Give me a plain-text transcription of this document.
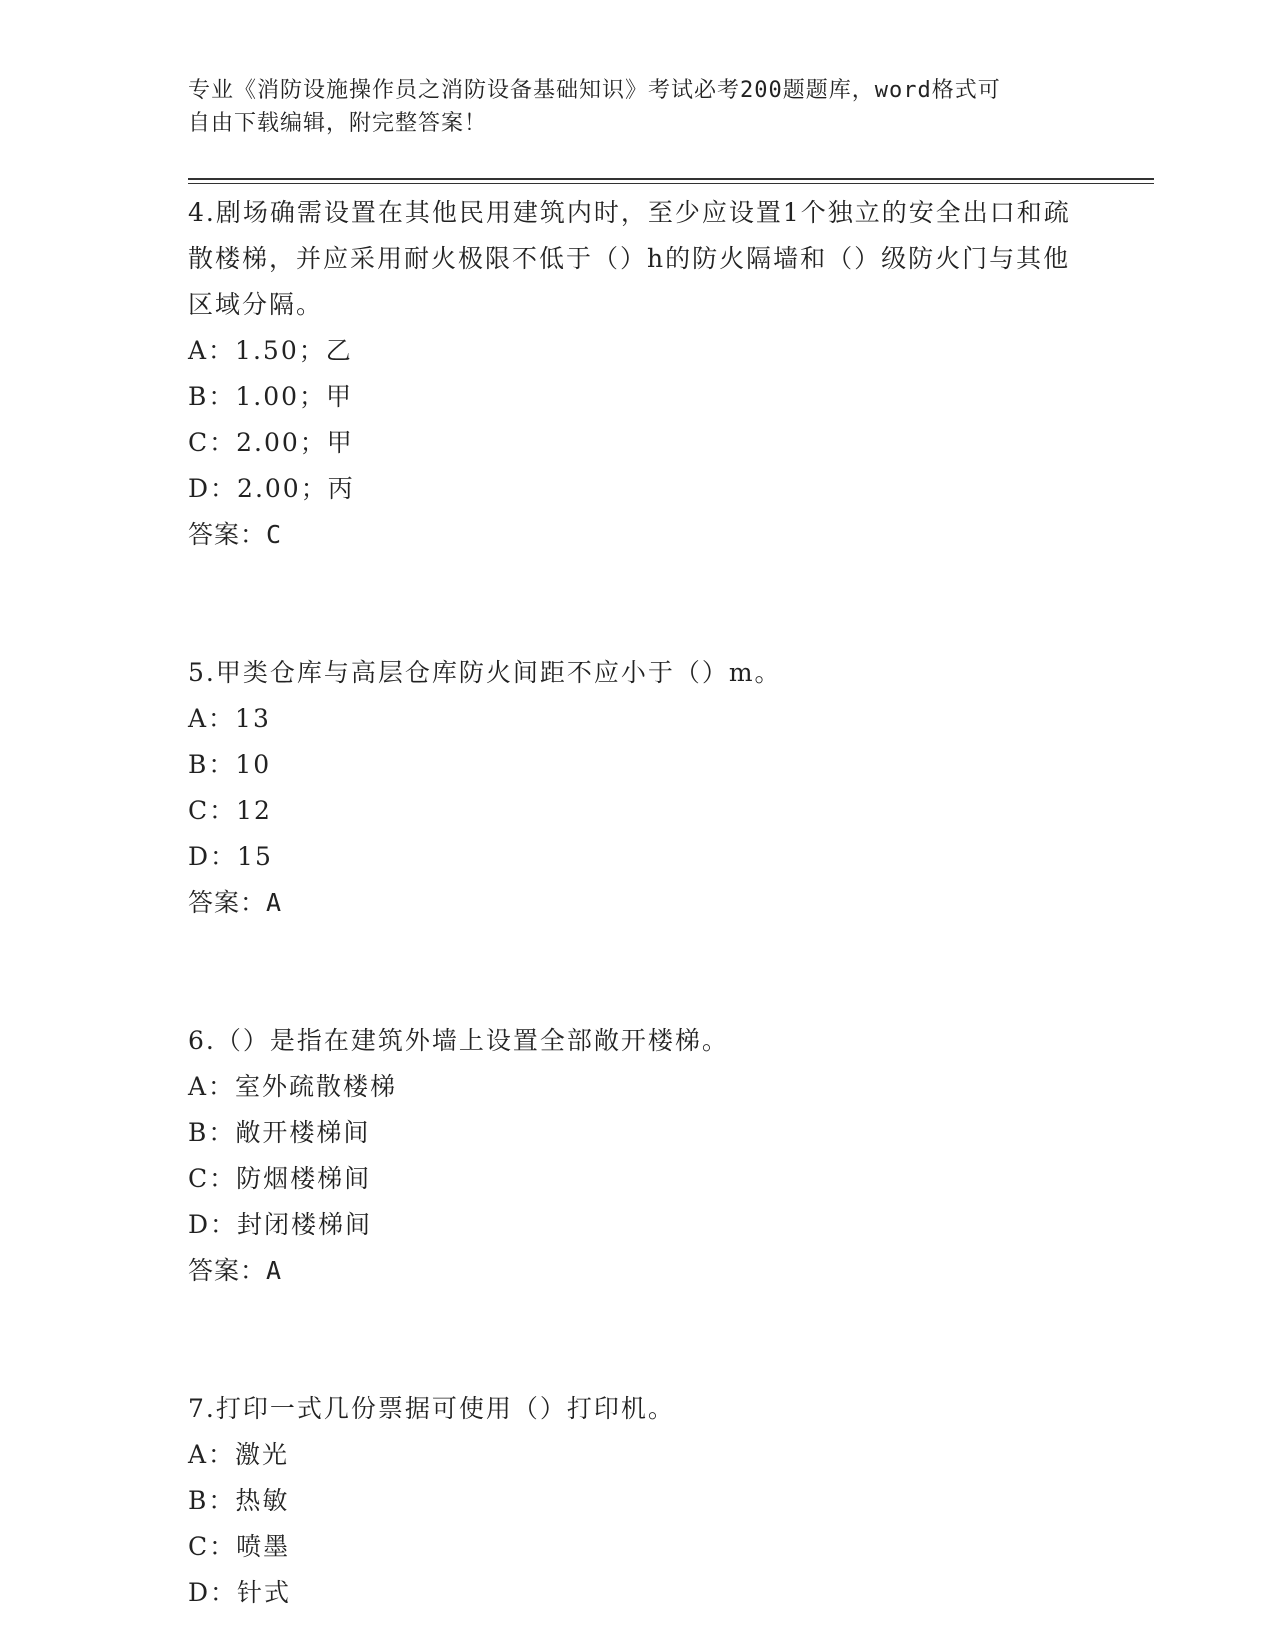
专业《消防设施操作员之消防设备基础知识》考试必考200题题库，word格式可
自由下载编辑，附完整答案！

4.剧场确需设置在其他民用建筑内时，至少应设置1个独立的安全出口和疏散楼梯，并应采用耐火极限不低于（）h的防火隔墙和（）级防火门与其他区域分隔。

A：1.50；乙

B：1.00；甲

C：2.00；甲

D：2.00；丙

答案：C

5.甲类仓库与高层仓库防火间距不应小于（）m。

A：13

B：10

C：12

D：15

答案：A

6.（）是指在建筑外墙上设置全部敞开楼梯。

A：室外疏散楼梯

B：敞开楼梯间

C：防烟楼梯间

D：封闭楼梯间

答案：A

7.打印一式几份票据可使用（）打印机。

A：激光

B：热敏

C：喷墨

D：针式
